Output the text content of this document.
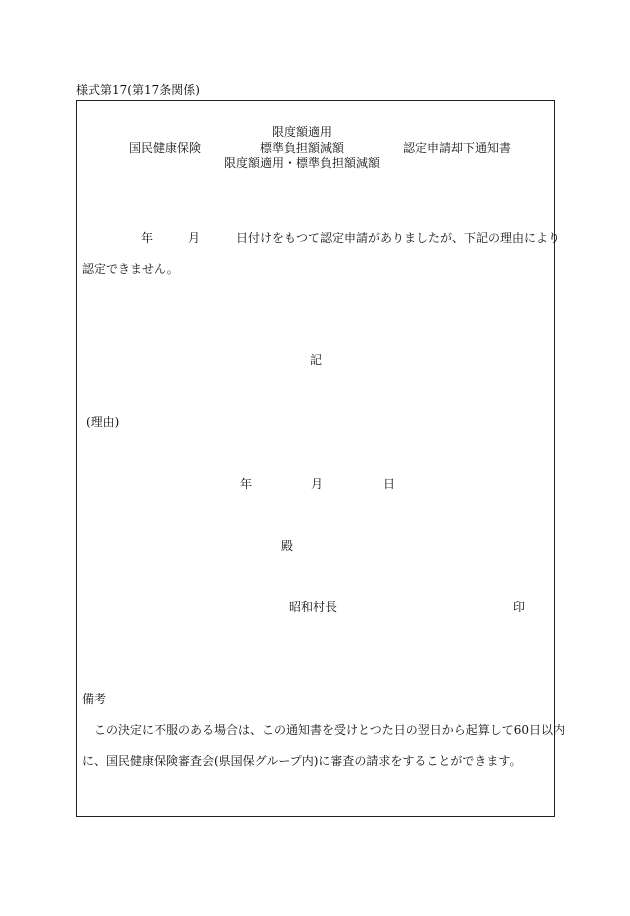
様式第17(第17条関係)
国民健康保険
限度額適用
標準負担額減額
限度額適用・標準負担額減額
認定申請却下通知書
年	月	日付けをもつて認定申請がありましたが、下記の理由により
認定できません。
記
(理由)
年	月	日
殿
昭和村長	印
備考
この決定に不服のある場合は、この通知書を受けとつた日の翌日から起算して60日以内
に、国民健康保険審査会(県国保グループ内)に審査の請求をすることができます。
